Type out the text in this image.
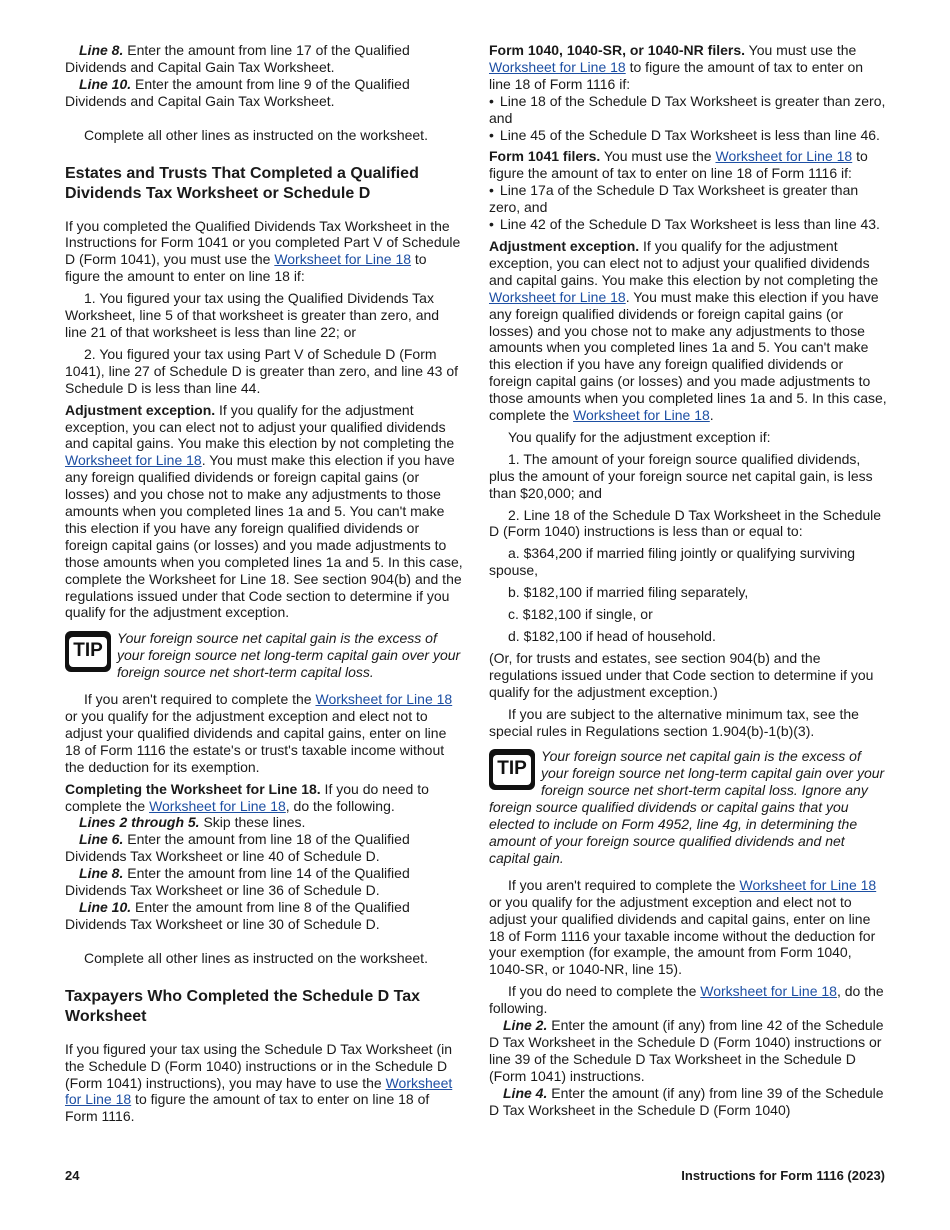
Line 8. Enter the amount from line 17 of the Qualified Dividends and Capital Gain Tax Worksheet.
Line 10. Enter the amount from line 9 of the Qualified Dividends and Capital Gain Tax Worksheet.
Complete all other lines as instructed on the worksheet.
Estates and Trusts That Completed a Qualified Dividends Tax Worksheet or Schedule D
If you completed the Qualified Dividends Tax Worksheet in the Instructions for Form 1041 or you completed Part V of Schedule D (Form 1041), you must use the Worksheet for Line 18 to figure the amount to enter on line 18 if:
1. You figured your tax using the Qualified Dividends Tax Worksheet, line 5 of that worksheet is greater than zero, and line 21 of that worksheet is less than line 22; or
2. You figured your tax using Part V of Schedule D (Form 1041), line 27 of Schedule D is greater than zero, and line 43 of Schedule D is less than line 44.
Adjustment exception. If you qualify for the adjustment exception, you can elect not to adjust your qualified dividends and capital gains. You make this election by not completing the Worksheet for Line 18. You must make this election if you have any foreign qualified dividends or foreign capital gains (or losses) and you chose not to make any adjustments to those amounts when you completed lines 1a and 5. You can't make this election if you have any foreign qualified dividends or foreign capital gains (or losses) and you made adjustments to those amounts when you completed lines 1a and 5. In this case, complete the Worksheet for Line 18. See section 904(b) and the regulations issued under that Code section to determine if you qualify for the adjustment exception.
TIP
Your foreign source net capital gain is the excess of your foreign source net long-term capital gain over your foreign source net short-term capital loss.
If you aren't required to complete the Worksheet for Line 18 or you qualify for the adjustment exception and elect not to adjust your qualified dividends and capital gains, enter on line 18 of Form 1116 the estate's or trust's taxable income without the deduction for its exemption.
Completing the Worksheet for Line 18. If you do need to complete the Worksheet for Line 18, do the following.
Lines 2 through 5. Skip these lines.
Line 6. Enter the amount from line 18 of the Qualified Dividends Tax Worksheet or line 40 of Schedule D.
Line 8. Enter the amount from line 14 of the Qualified Dividends Tax Worksheet or line 36 of Schedule D.
Line 10. Enter the amount from line 8 of the Qualified Dividends Tax Worksheet or line 30 of Schedule D.
Complete all other lines as instructed on the worksheet.
Taxpayers Who Completed the Schedule D Tax Worksheet
If you figured your tax using the Schedule D Tax Worksheet (in the Schedule D (Form 1040) instructions or in the Schedule D (Form 1041) instructions), you may have to use the Worksheet for Line 18 to figure the amount of tax to enter on line 18 of Form 1116.
Form 1040, 1040-SR, or 1040-NR filers. You must use the Worksheet for Line 18 to figure the amount of tax to enter on line 18 of Form 1116 if:
• Line 18 of the Schedule D Tax Worksheet is greater than zero, and
• Line 45 of the Schedule D Tax Worksheet is less than line 46.
Form 1041 filers. You must use the Worksheet for Line 18 to figure the amount of tax to enter on line 18 of Form 1116 if:
• Line 17a of the Schedule D Tax Worksheet is greater than zero, and
• Line 42 of the Schedule D Tax Worksheet is less than line 43.
Adjustment exception. If you qualify for the adjustment exception, you can elect not to adjust your qualified dividends and capital gains. You make this election by not completing the Worksheet for Line 18. You must make this election if you have any foreign qualified dividends or foreign capital gains (or losses) and you chose not to make any adjustments to those amounts when you completed lines 1a and 5. You can't make this election if you have any foreign qualified dividends or foreign capital gains (or losses) and you made adjustments to those amounts when you completed lines 1a and 5. In this case, complete the Worksheet for Line 18.
You qualify for the adjustment exception if:
1. The amount of your foreign source qualified dividends, plus the amount of your foreign source net capital gain, is less than $20,000; and
2. Line 18 of the Schedule D Tax Worksheet in the Schedule D (Form 1040) instructions is less than or equal to:
a. $364,200 if married filing jointly or qualifying surviving spouse,
b. $182,100 if married filing separately,
c. $182,100 if single, or
d. $182,100 if head of household.
(Or, for trusts and estates, see section 904(b) and the regulations issued under that Code section to determine if you qualify for the adjustment exception.)
If you are subject to the alternative minimum tax, see the special rules in Regulations section 1.904(b)-1(b)(3).
TIP
Your foreign source net capital gain is the excess of your foreign source net long-term capital gain over your foreign source net short-term capital loss. Ignore any foreign source qualified dividends or capital gains that you elected to include on Form 4952, line 4g, in determining the amount of your foreign source qualified dividends and net capital gain.
If you aren't required to complete the Worksheet for Line 18 or you qualify for the adjustment exception and elect not to adjust your qualified dividends and capital gains, enter on line 18 of Form 1116 your taxable income without the deduction for your exemption (for example, the amount from Form 1040, 1040-SR, or 1040-NR, line 15).
If you do need to complete the Worksheet for Line 18, do the following.
Line 2. Enter the amount (if any) from line 42 of the Schedule D Tax Worksheet in the Schedule D (Form 1040) instructions or line 39 of the Schedule D Tax Worksheet in the Schedule D (Form 1041) instructions.
Line 4. Enter the amount (if any) from line 39 of the Schedule D Tax Worksheet in the Schedule D (Form 1040)
24	Instructions for Form 1116 (2023)
